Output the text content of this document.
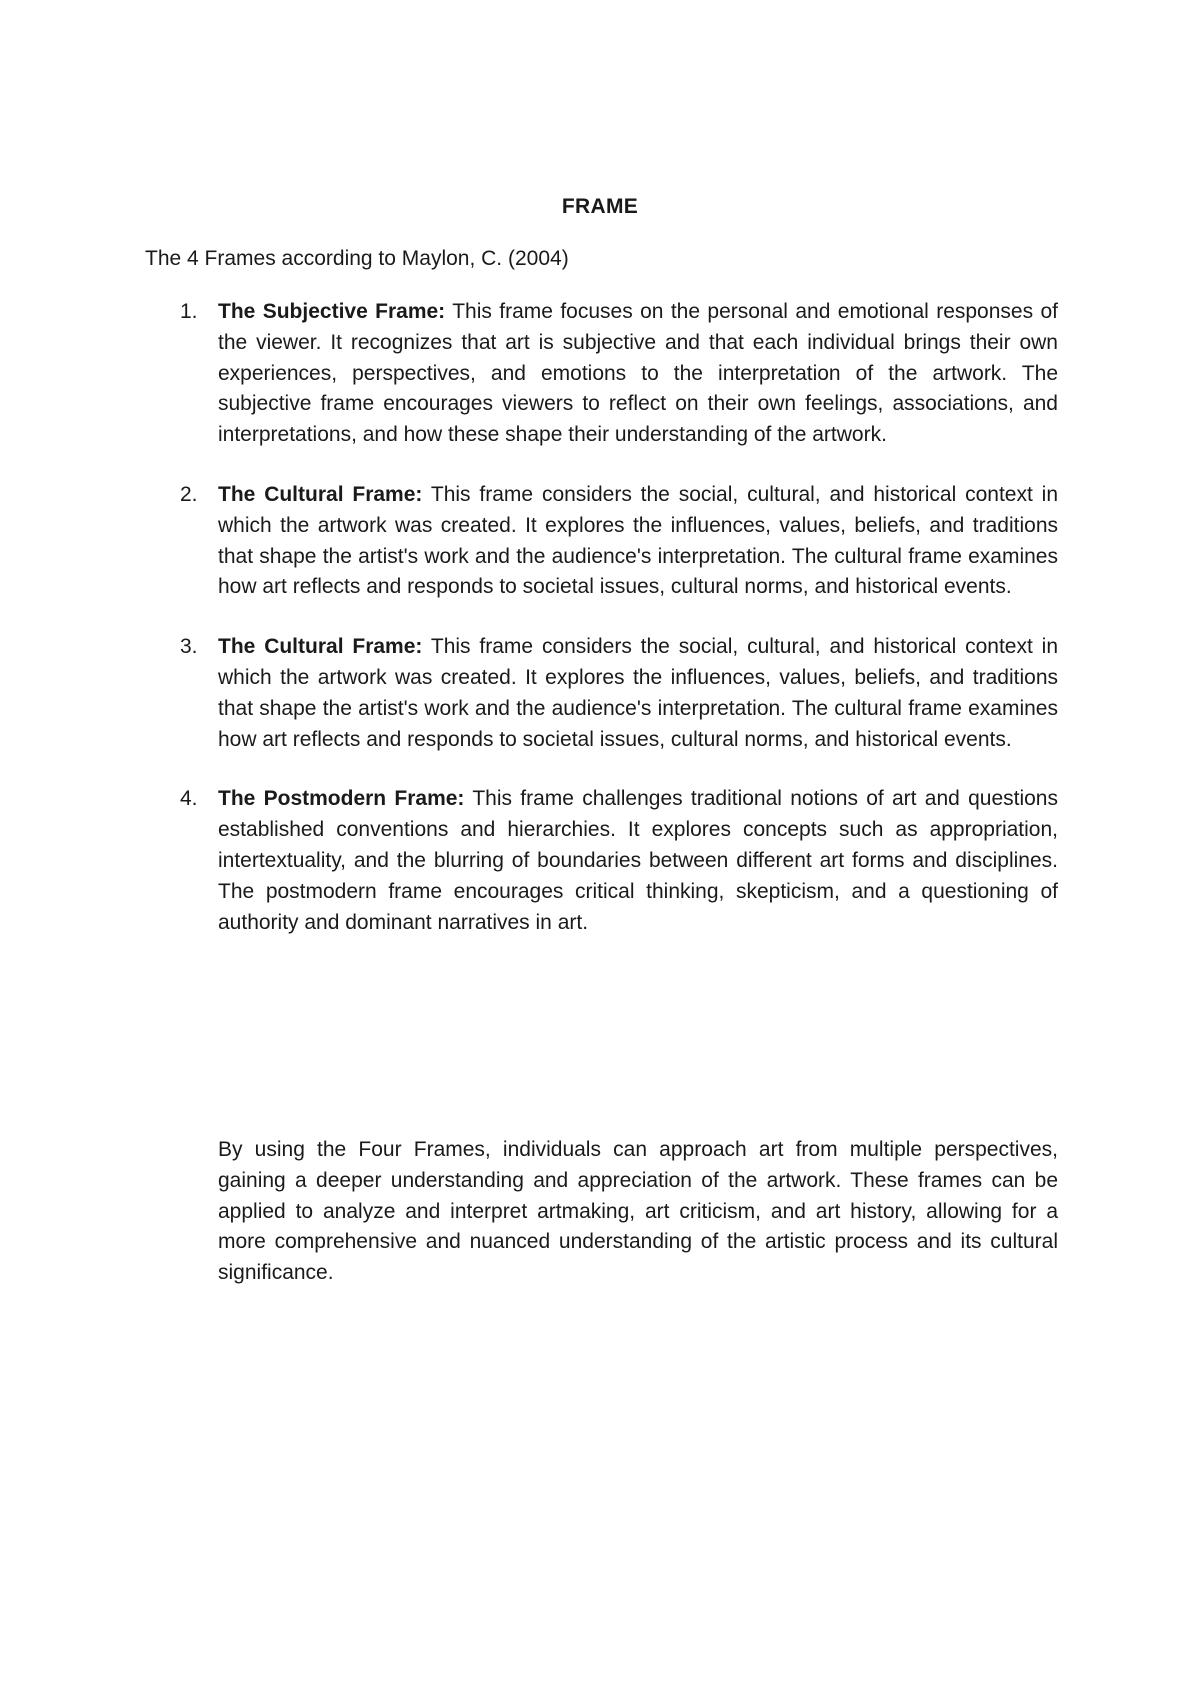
FRAME
The 4 Frames according to Maylon, C. (2004)
1. The Subjective Frame: This frame focuses on the personal and emotional responses of the viewer. It recognizes that art is subjective and that each individual brings their own experiences, perspectives, and emotions to the interpretation of the artwork. The subjective frame encourages viewers to reflect on their own feelings, associations, and interpretations, and how these shape their understanding of the artwork.

2. The Cultural Frame: This frame considers the social, cultural, and historical context in which the artwork was created. It explores the influences, values, beliefs, and traditions that shape the artist's work and the audience's interpretation. The cultural frame examines how art reflects and responds to societal issues, cultural norms, and historical events.

3. The Cultural Frame: This frame considers the social, cultural, and historical context in which the artwork was created. It explores the influences, values, beliefs, and traditions that shape the artist's work and the audience's interpretation. The cultural frame examines how art reflects and responds to societal issues, cultural norms, and historical events.

4. The Postmodern Frame: This frame challenges traditional notions of art and questions established conventions and hierarchies. It explores concepts such as appropriation, intertextuality, and the blurring of boundaries between different art forms and disciplines. The postmodern frame encourages critical thinking, skepticism, and a questioning of authority and dominant narratives in art.

By using the Four Frames, individuals can approach art from multiple perspectives, gaining a deeper understanding and appreciation of the artwork. These frames can be applied to analyze and interpret artmaking, art criticism, and art history, allowing for a more comprehensive and nuanced understanding of the artistic process and its cultural significance.
